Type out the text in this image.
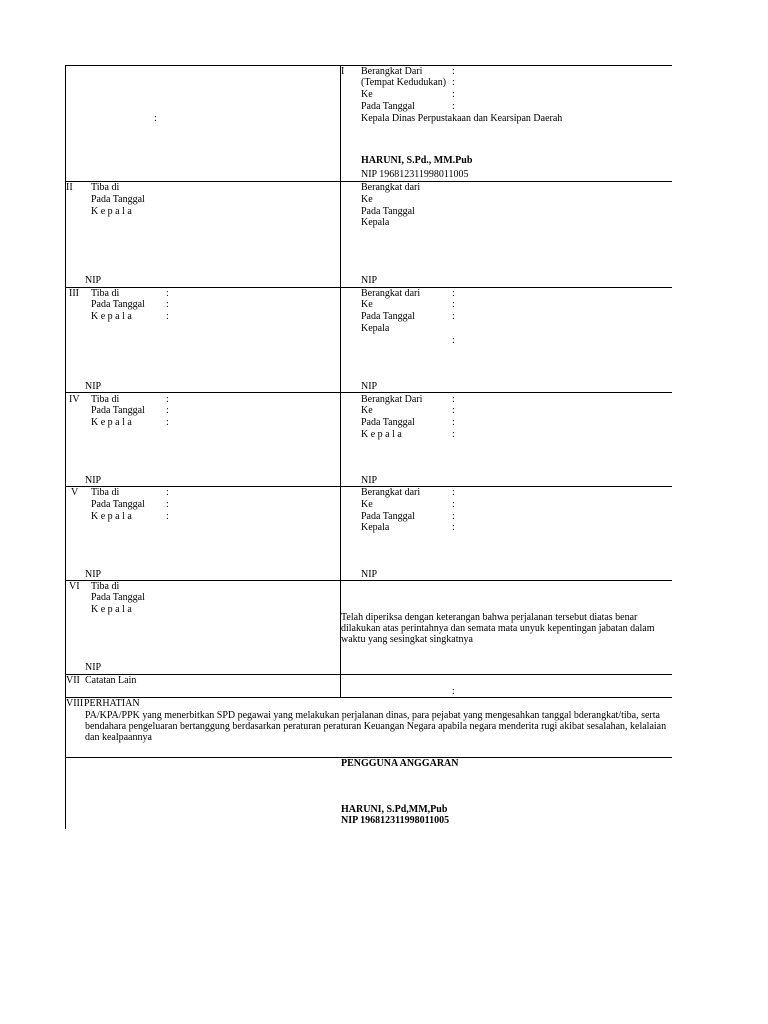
I
:
Berangkat Dari
(Tempat Kedudukan)
Ke
Pada Tanggal
:
:
:
:
Kepala Dinas Perpustakaan dan Kearsipan Daerah
HARUNI, S.Pd., MM.Pub
NIP 196812311998011005
II Tiba di
Pada Tanggal
K e p a l a
NIP
Berangkat dari
Ke
Pada Tanggal
Kepala
NIP
III Tiba di
Pada Tanggal
K e p a l a
:
:
:
NIP
Berangkat dari
Ke
Pada Tanggal
Kepala
:
:
:
:
NIP
IV Tiba di
Pada Tanggal
K e p a l a
:
:
:
NIP
Berangkat Dari
Ke
Pada Tanggal
K e p a l a
:
:
:
:
NIP
V Tiba di
Pada Tanggal
K e p a l a
:
:
:
NIP
Berangkat dari
Ke
Pada Tanggal
Kepala
:
:
:
:
NIP
VI Tiba di
Pada Tanggal
K e p a l a
NIP
Telah diperiksa dengan keterangan bahwa perjalanan tersebut diatas benar dilakukan atas perintahnya dan semata mata unyuk kepentingan jabatan dalam waktu yang sesingkat singkatnya
VII Catatan Lain
:
VIII PERHATIAN
PA/KPA/PPK yang menerbitkan SPD pegawai yang melakukan perjalanan dinas, para pejabat yang mengesahkan tanggal bderangkat/tiba, serta bendahara pengeluaran bertanggung berdasarkan peraturan peraturan Keuangan Negara apabila negara menderita rugi akibat sesalahan, kelalaian dan kealpaannya
PENGGUNA ANGGARAN
HARUNI, S.Pd,MM,Pub
NIP 196812311998011005
